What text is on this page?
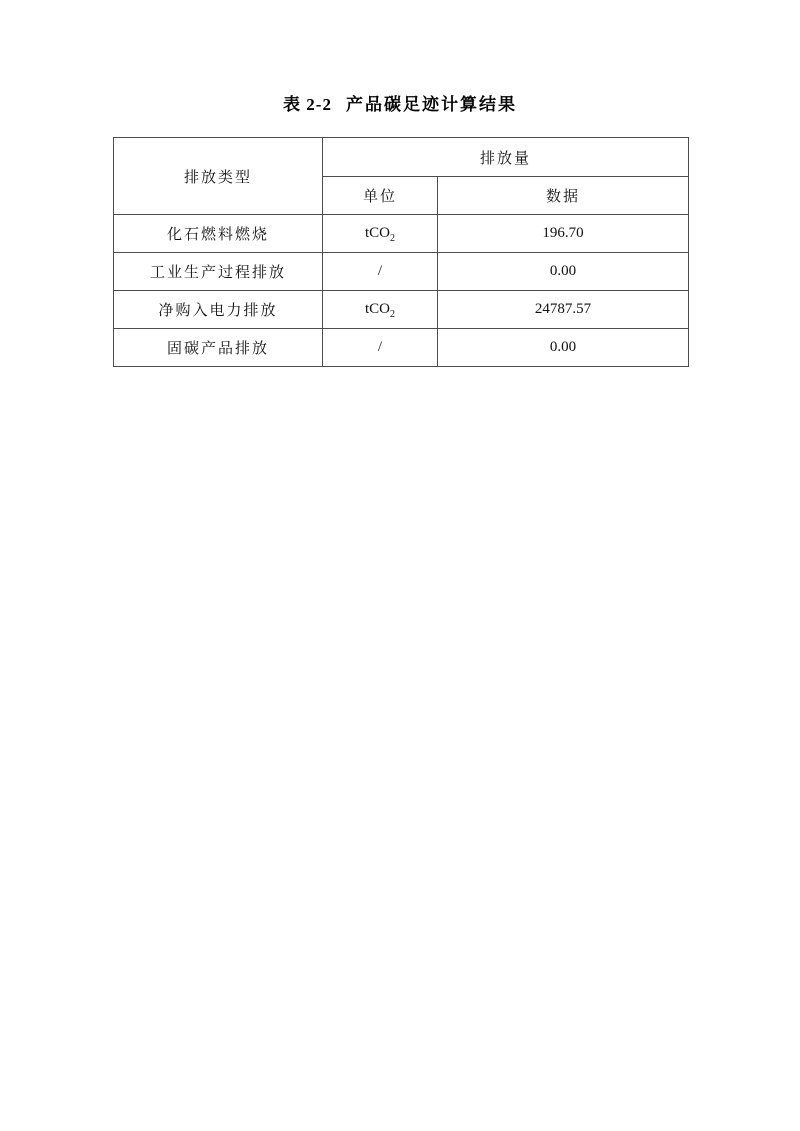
表 2-2 产品碳足迹计算结果
排放类型	排放量	
	单位	数据
化石燃料燃烧	tCO$_2$	196.70
工业生产过程排放	/	0.00
净购入电力排放	tCO$_2$	24787.57
固碳产品排放	/	0.00
